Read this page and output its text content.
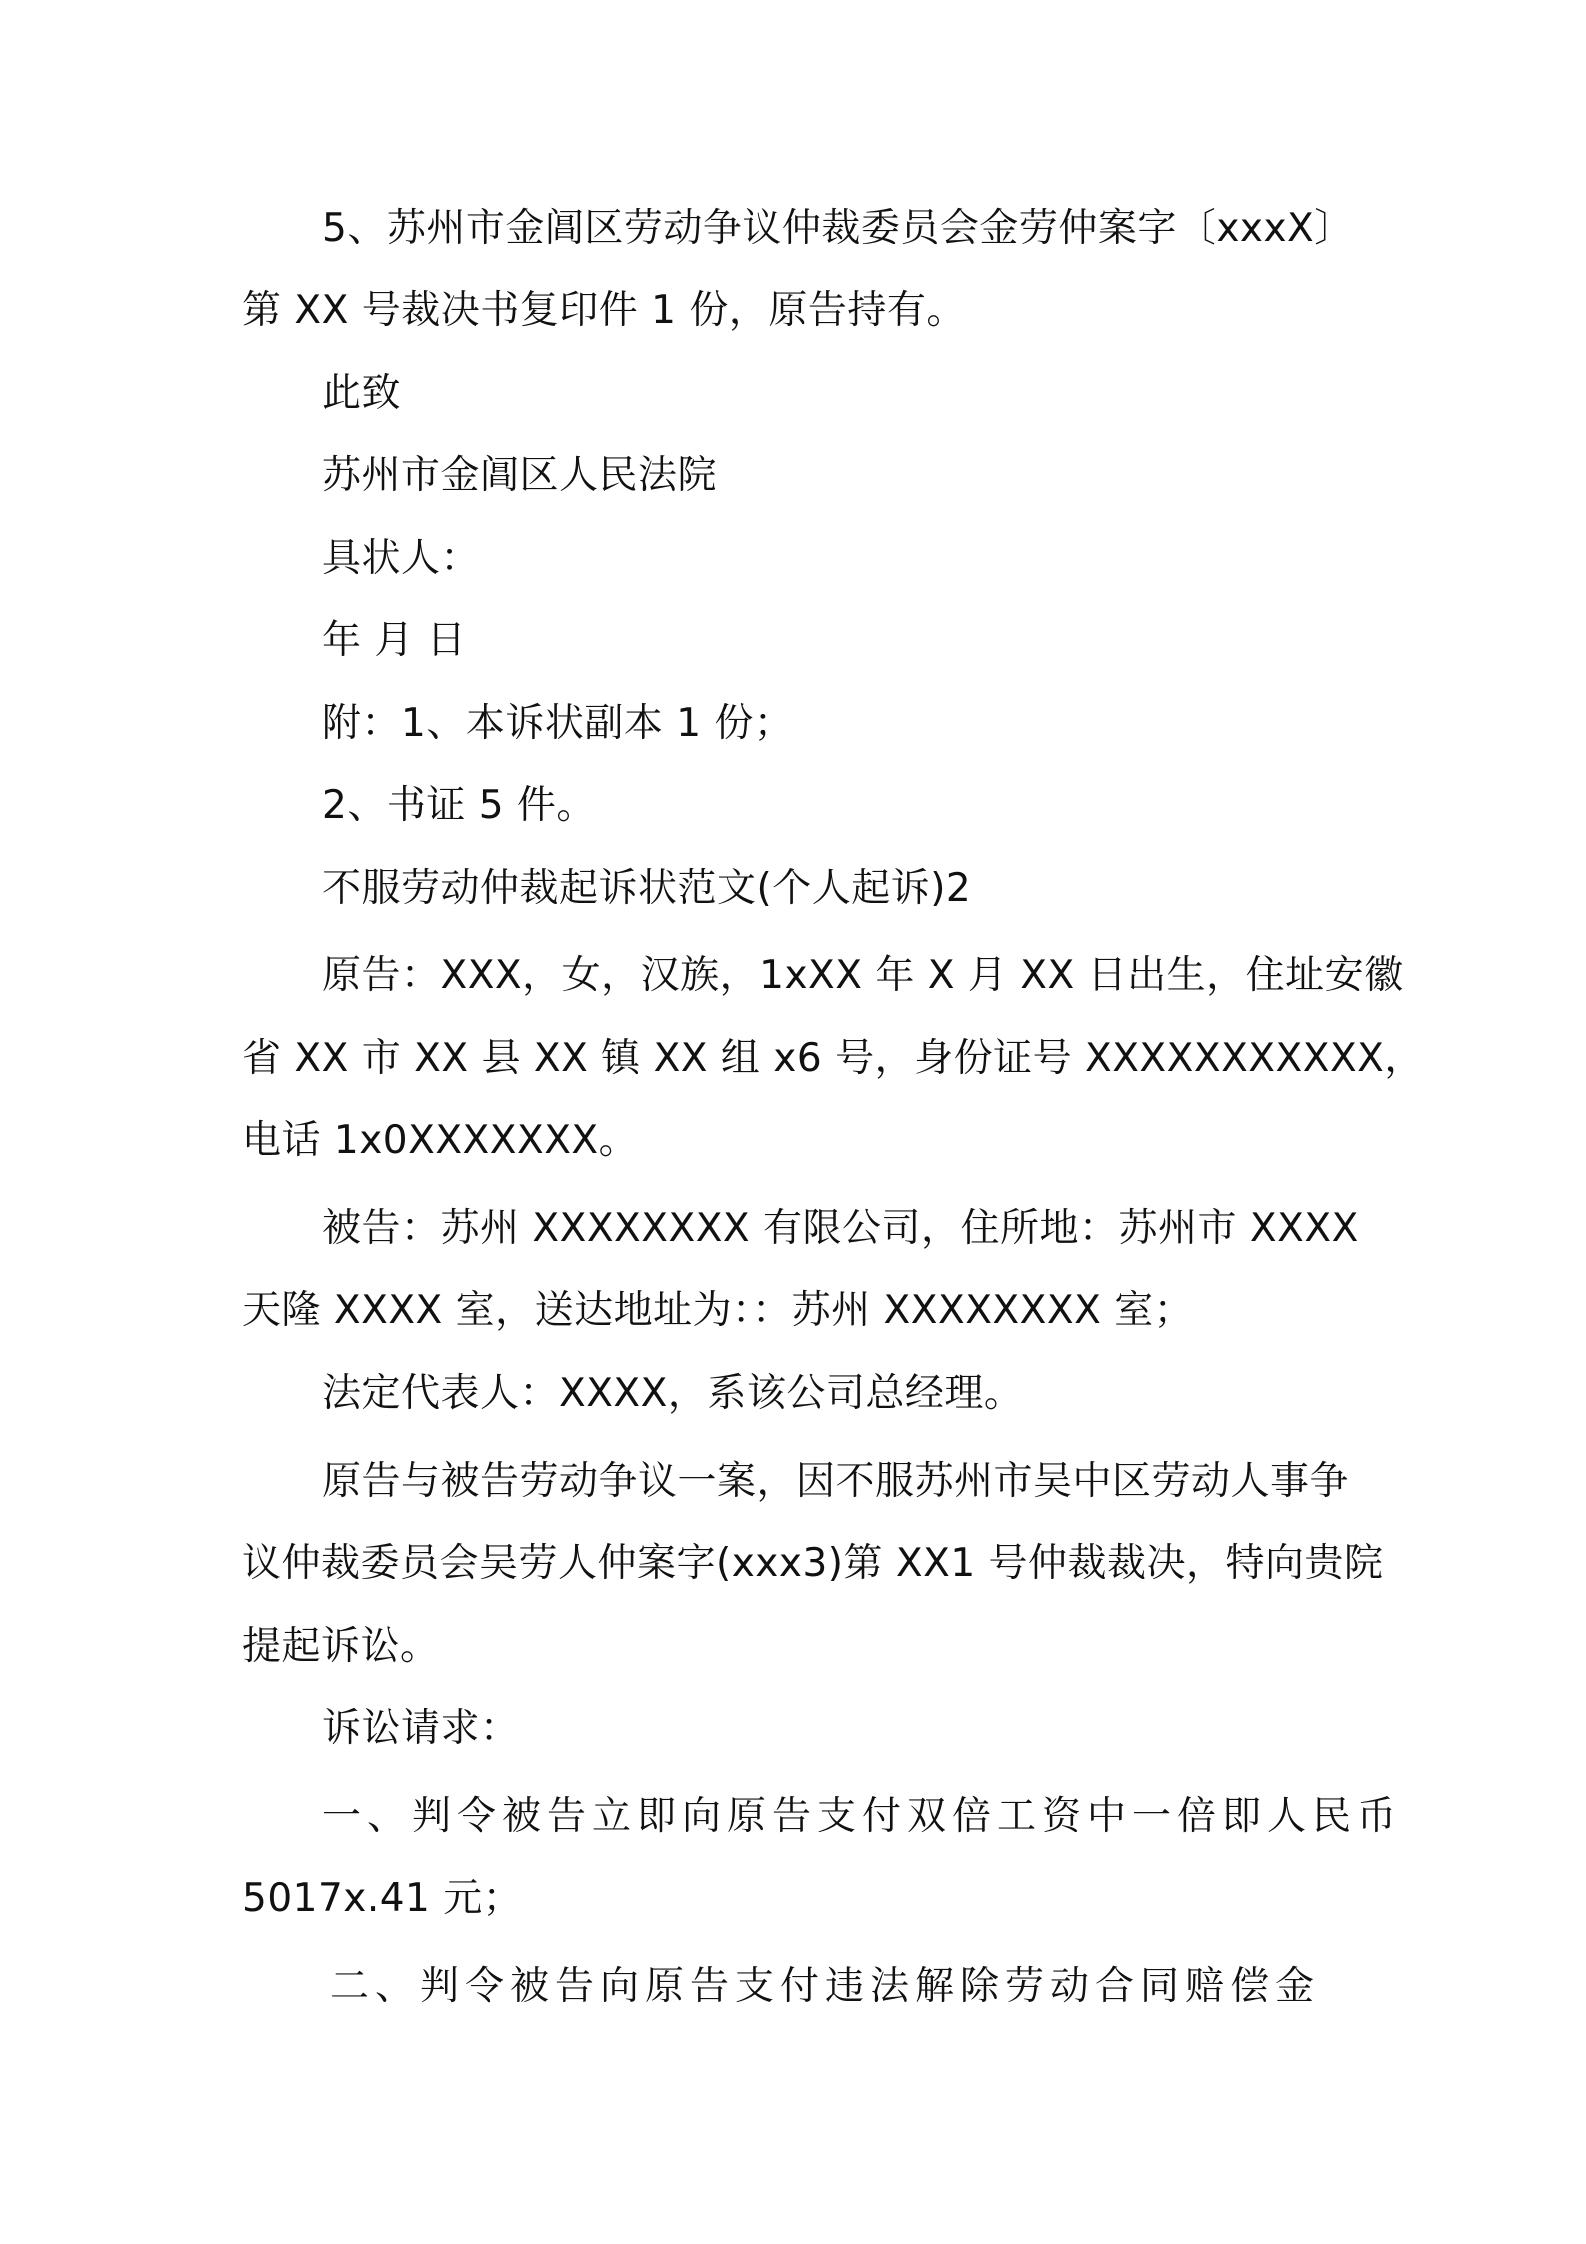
5、苏州市金阊区劳动争议仲裁委员会金劳仲案字〔xxxX〕
第 XX 号裁决书复印件 1 份，原告持有。
此致
苏州市金阊区人民法院
具状人：
年 月 日
附：1、本诉状副本 1 份；
2、书证 5 件。
不服劳动仲裁起诉状范文(个人起诉)2
原告：XXX，女，汉族，1xXX 年 X 月 XX 日出生，住址安徽
省 XX 市 XX 县 XX 镇 XX 组 x6 号，身份证号 XXXXXXXXXXX，
电话 1x0XXXXXXX。
被告：苏州 XXXXXXXX 有限公司，住所地：苏州市 XXXX
天隆 XXXX 室，送达地址为：：苏州 XXXXXXXX 室；
法定代表人：XXXX，系该公司总经理。
原告与被告劳动争议一案，因不服苏州市吴中区劳动人事争
议仲裁委员会吴劳人仲案字(xxx3)第 XX1 号仲裁裁决，特向贵院
提起诉讼。
诉讼请求：
一、判令被告立即向原告支付双倍工资中一倍即人民币
5017x.41 元；
二、判令被告向原告支付违法解除劳动合同赔偿金
